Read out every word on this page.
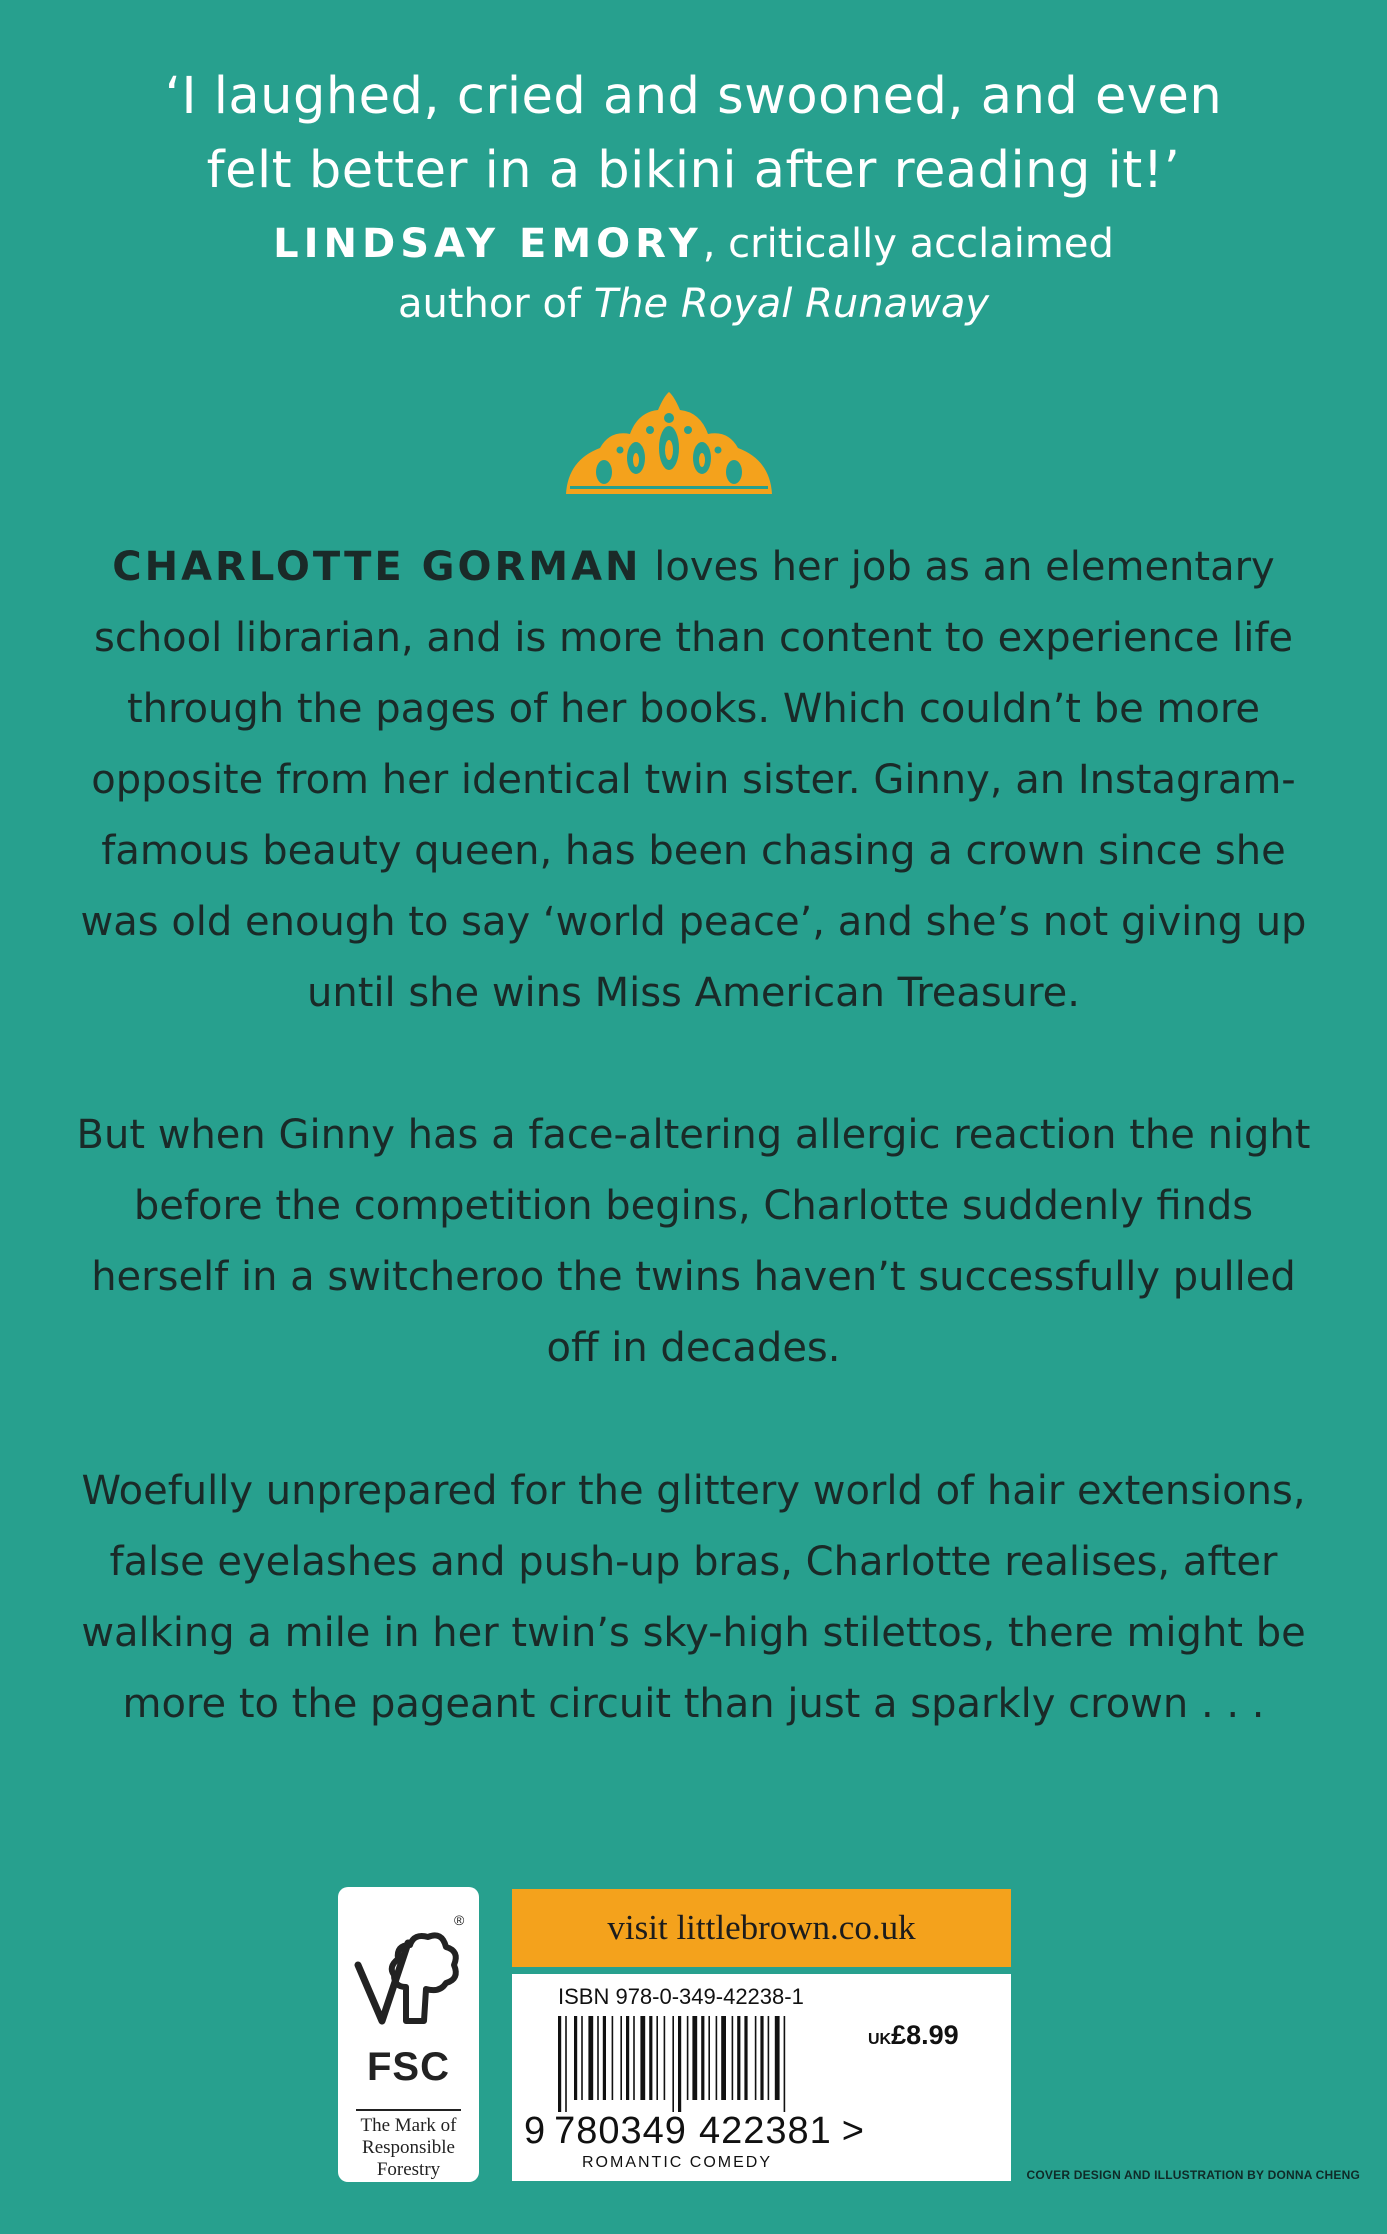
‘I laughed, cried and swooned, and even
felt better in a bikini after reading it!’
LINDSAY EMORY, critically acclaimed
author of The Royal Runaway
CHARLOTTE GORMAN loves her job as an elementary school librarian, and is more than content to experience life through the pages of her books. Which couldn’t be more opposite from her identical twin sister. Ginny, an Instagram-famous beauty queen, has been chasing a crown since she was old enough to say ‘world peace’, and she’s not giving up until she wins Miss American Treasure.
But when Ginny has a face-altering allergic reaction the night before the competition begins, Charlotte suddenly finds herself in a switcheroo the twins haven’t successfully pulled off in decades.
Woefully unprepared for the glittery world of hair extensions, false eyelashes and push-up bras, Charlotte realises, after walking a mile in her twin’s sky-high stilettos, there might be more to the pageant circuit than just a sparkly crown . . .
®
FSC
The Mark of Responsible Forestry
visit littlebrown.co.uk
ISBN 978-0-349-42238-1
UK£8.99
9 780349 422381 >
ROMANTIC COMEDY
COVER DESIGN AND ILLUSTRATION BY DONNA CHENG
